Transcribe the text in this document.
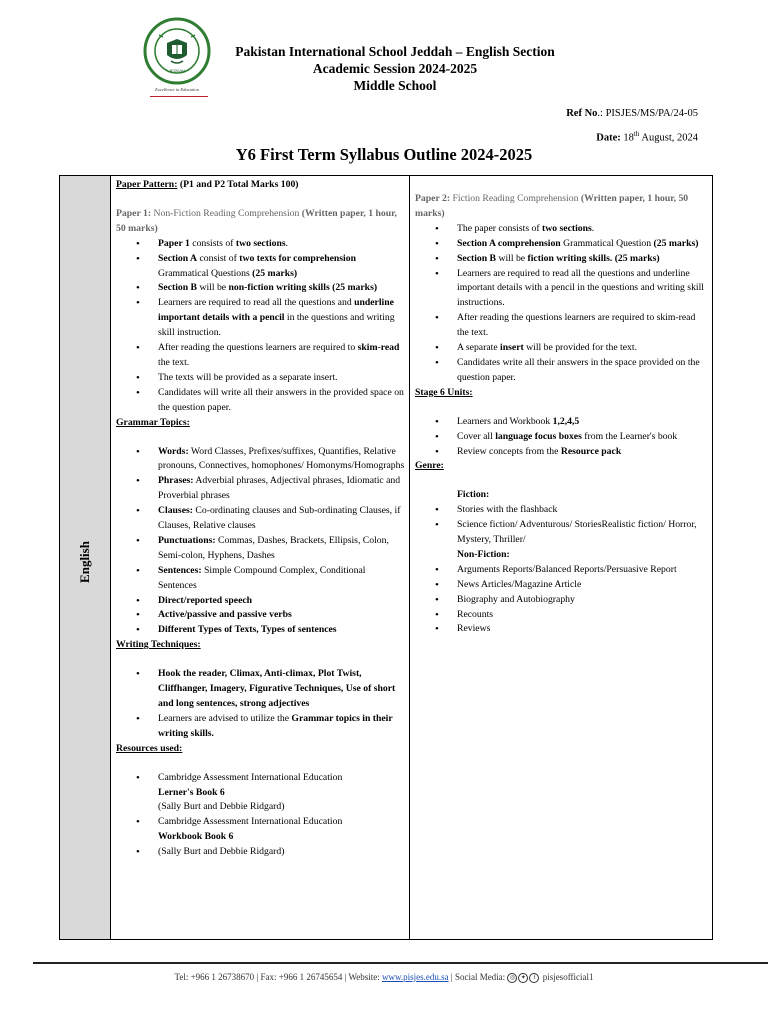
JEDDAH
Excellence in Education
Pakistan International School Jeddah – English Section
Academic Session 2024-2025
Middle School
Ref No.: PISJES/MS/PA/24-05
Date: 18th August, 2024
Y6 First Term Syllabus Outline 2024-2025
English

Paper Pattern: (P1 and P2 Total Marks 100)

Paper 1: Non-Fiction Reading Comprehension (Written paper, 1 hour, 50 marks)

• Paper 1 consists of two sections.
• Section A consist of two texts for comprehension Grammatical Questions (25 marks)
• Section B will be non-fiction writing skills (25 marks)
• Learners are required to read all the questions and underline important details with a pencil in the questions and writing skill instruction.
• After reading the questions learners are required to skim-read the text.
• The texts will be provided as a separate insert.
• Candidates will write all their answers in the provided space on the question paper.

Grammar Topics:

• Words: Word Classes, Prefixes/suffixes, Quantifies, Relative pronouns, Connectives, homophones/ Homonyms/Homographs
• Phrases: Adverbial phrases, Adjectival phrases, Idiomatic and Proverbial phrases
• Clauses: Co-ordinating clauses and Sub-ordinating Clauses, if Clauses, Relative clauses
• Punctuations: Commas, Dashes, Brackets, Ellipsis, Colon, Semi-colon, Hyphens, Dashes
• Sentences: Simple Compound Complex, Conditional Sentences
• Direct/reported speech
• Active/passive and passive verbs
• Different Types of Texts, Types of sentences

Writing Techniques:

• Hook the reader, Climax, Anti-climax, Plot Twist, Cliffhanger, Imagery, Figurative Techniques, Use of short and long sentences, strong adjectives
• Learners are advised to utilize the Grammar topics in their writing skills.

Resources used:

• Cambridge Assessment International Education
Lerner's Book 6
(Sally Burt and Debbie Ridgard)
• Cambridge Assessment International Education
Workbook Book 6
• (Sally Burt and Debbie Ridgard)

Paper 2: Fiction Reading Comprehension (Written paper, 1 hour, 50 marks)

• The paper consists of two sections.
• Section A comprehension Grammatical Question (25 marks)
• Section B will be fiction writing skills. (25 marks)
• Learners are required to read all the questions and underline important details with a pencil in the questions and writing skill instructions.
• After reading the questions learners are required to skim-read the text.
• A separate insert will be provided for the text.
• Candidates write all their answers in the space provided on the question paper.

Stage 6 Units:

• Learners and Workbook 1,2,4,5
• Cover all language focus boxes from the Learner's book
• Review concepts from the Resource pack

Genre:

Fiction:

• Stories with the flashback
• Science fiction/ Adventurous/ StoriesRealistic fiction/ Horror, Mystery, Thriller/
Non-Fiction:
• Arguments Reports/Balanced Reports/Persuasive Report
• News Articles/Magazine Article
• Biography and Autobiography
• Recounts
• Reviews
Tel: +966 1 26738670 | Fax: +966 1 26745654 | Website: www.pisjes.edu.sa | Social Media: ◎ ✦ f pisjesofficial1
